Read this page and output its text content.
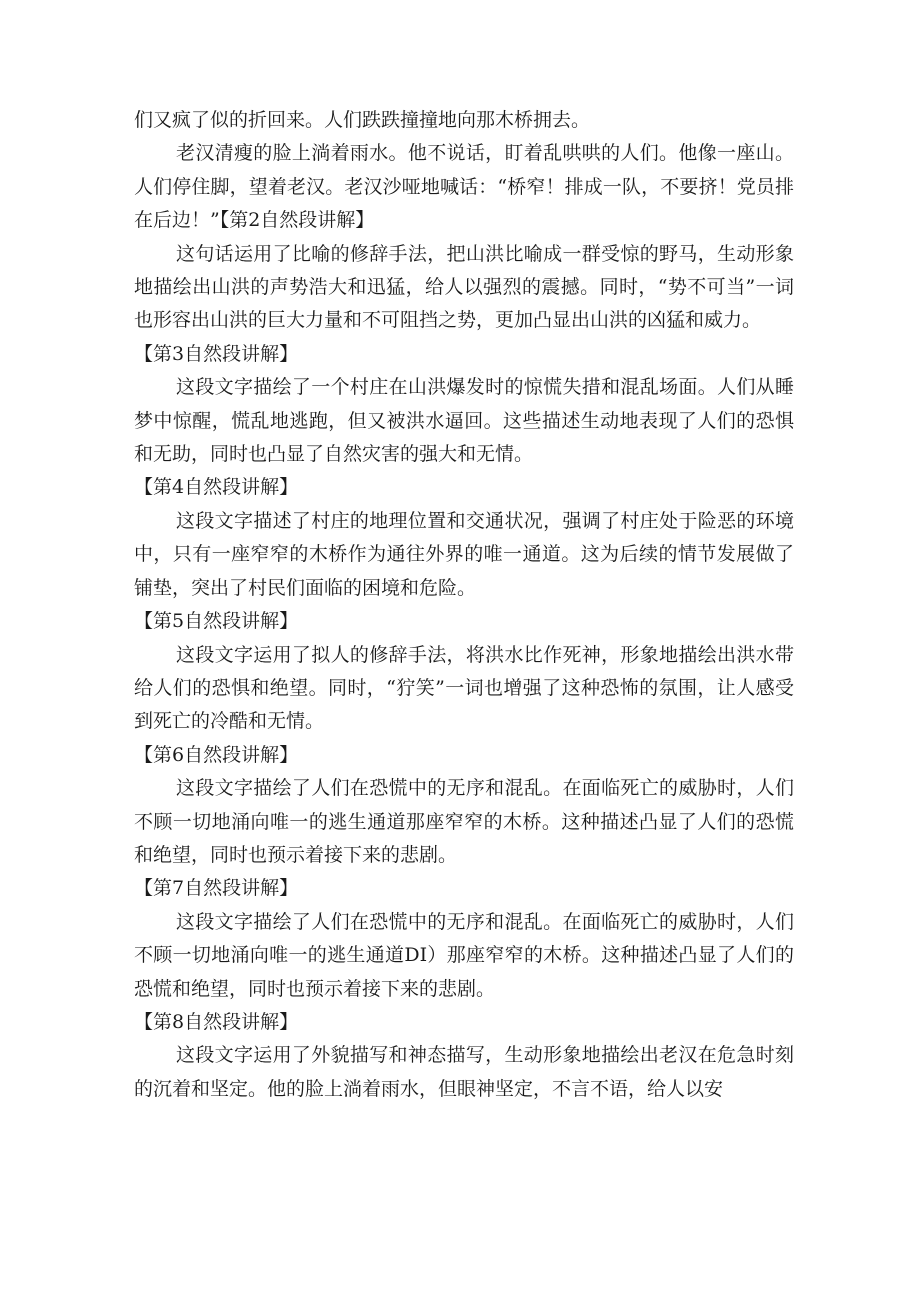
们又疯了似的折回来。人们跌跌撞撞地向那木桥拥去。

老汉清瘦的脸上淌着雨水。他不说话，盯着乱哄哄的人们。他像一座山。人们停住脚，望着老汉。老汉沙哑地喊话：“桥窄！排成一队，不要挤！党员排在后边！”【第2自然段讲解】

这句话运用了比喻的修辞手法，把山洪比喻成一群受惊的野马，生动形象地描绘出山洪的声势浩大和迅猛，给人以强烈的震撼。同时，“势不可当”一词也形容出山洪的巨大力量和不可阻挡之势，更加凸显出山洪的凶猛和威力。

【第3自然段讲解】

这段文字描绘了一个村庄在山洪爆发时的惊慌失措和混乱场面。人们从睡梦中惊醒，慌乱地逃跑，但又被洪水逼回。这些描述生动地表现了人们的恐惧和无助，同时也凸显了自然灾害的强大和无情。

【第4自然段讲解】

这段文字描述了村庄的地理位置和交通状况，强调了村庄处于险恶的环境中，只有一座窄窄的木桥作为通往外界的唯一通道。这为后续的情节发展做了铺垫，突出了村民们面临的困境和危险。

【第5自然段讲解】

这段文字运用了拟人的修辞手法，将洪水比作死神，形象地描绘出洪水带给人们的恐惧和绝望。同时，“狞笑”一词也增强了这种恐怖的氛围，让人感受到死亡的冷酷和无情。

【第6自然段讲解】

这段文字描绘了人们在恐慌中的无序和混乱。在面临死亡的威胁时，人们不顾一切地涌向唯一的逃生通道那座窄窄的木桥。这种描述凸显了人们的恐慌和绝望，同时也预示着接下来的悲剧。

【第7自然段讲解】

这段文字描绘了人们在恐慌中的无序和混乱。在面临死亡的威胁时，人们不顾一切地涌向唯一的逃生通道DI）那座窄窄的木桥。这种描述凸显了人们的恐慌和绝望，同时也预示着接下来的悲剧。

【第8自然段讲解】

这段文字运用了外貌描写和神态描写，生动形象地描绘出老汉在危急时刻的沉着和坚定。他的脸上淌着雨水，但眼神坚定，不言不语，给人以安
